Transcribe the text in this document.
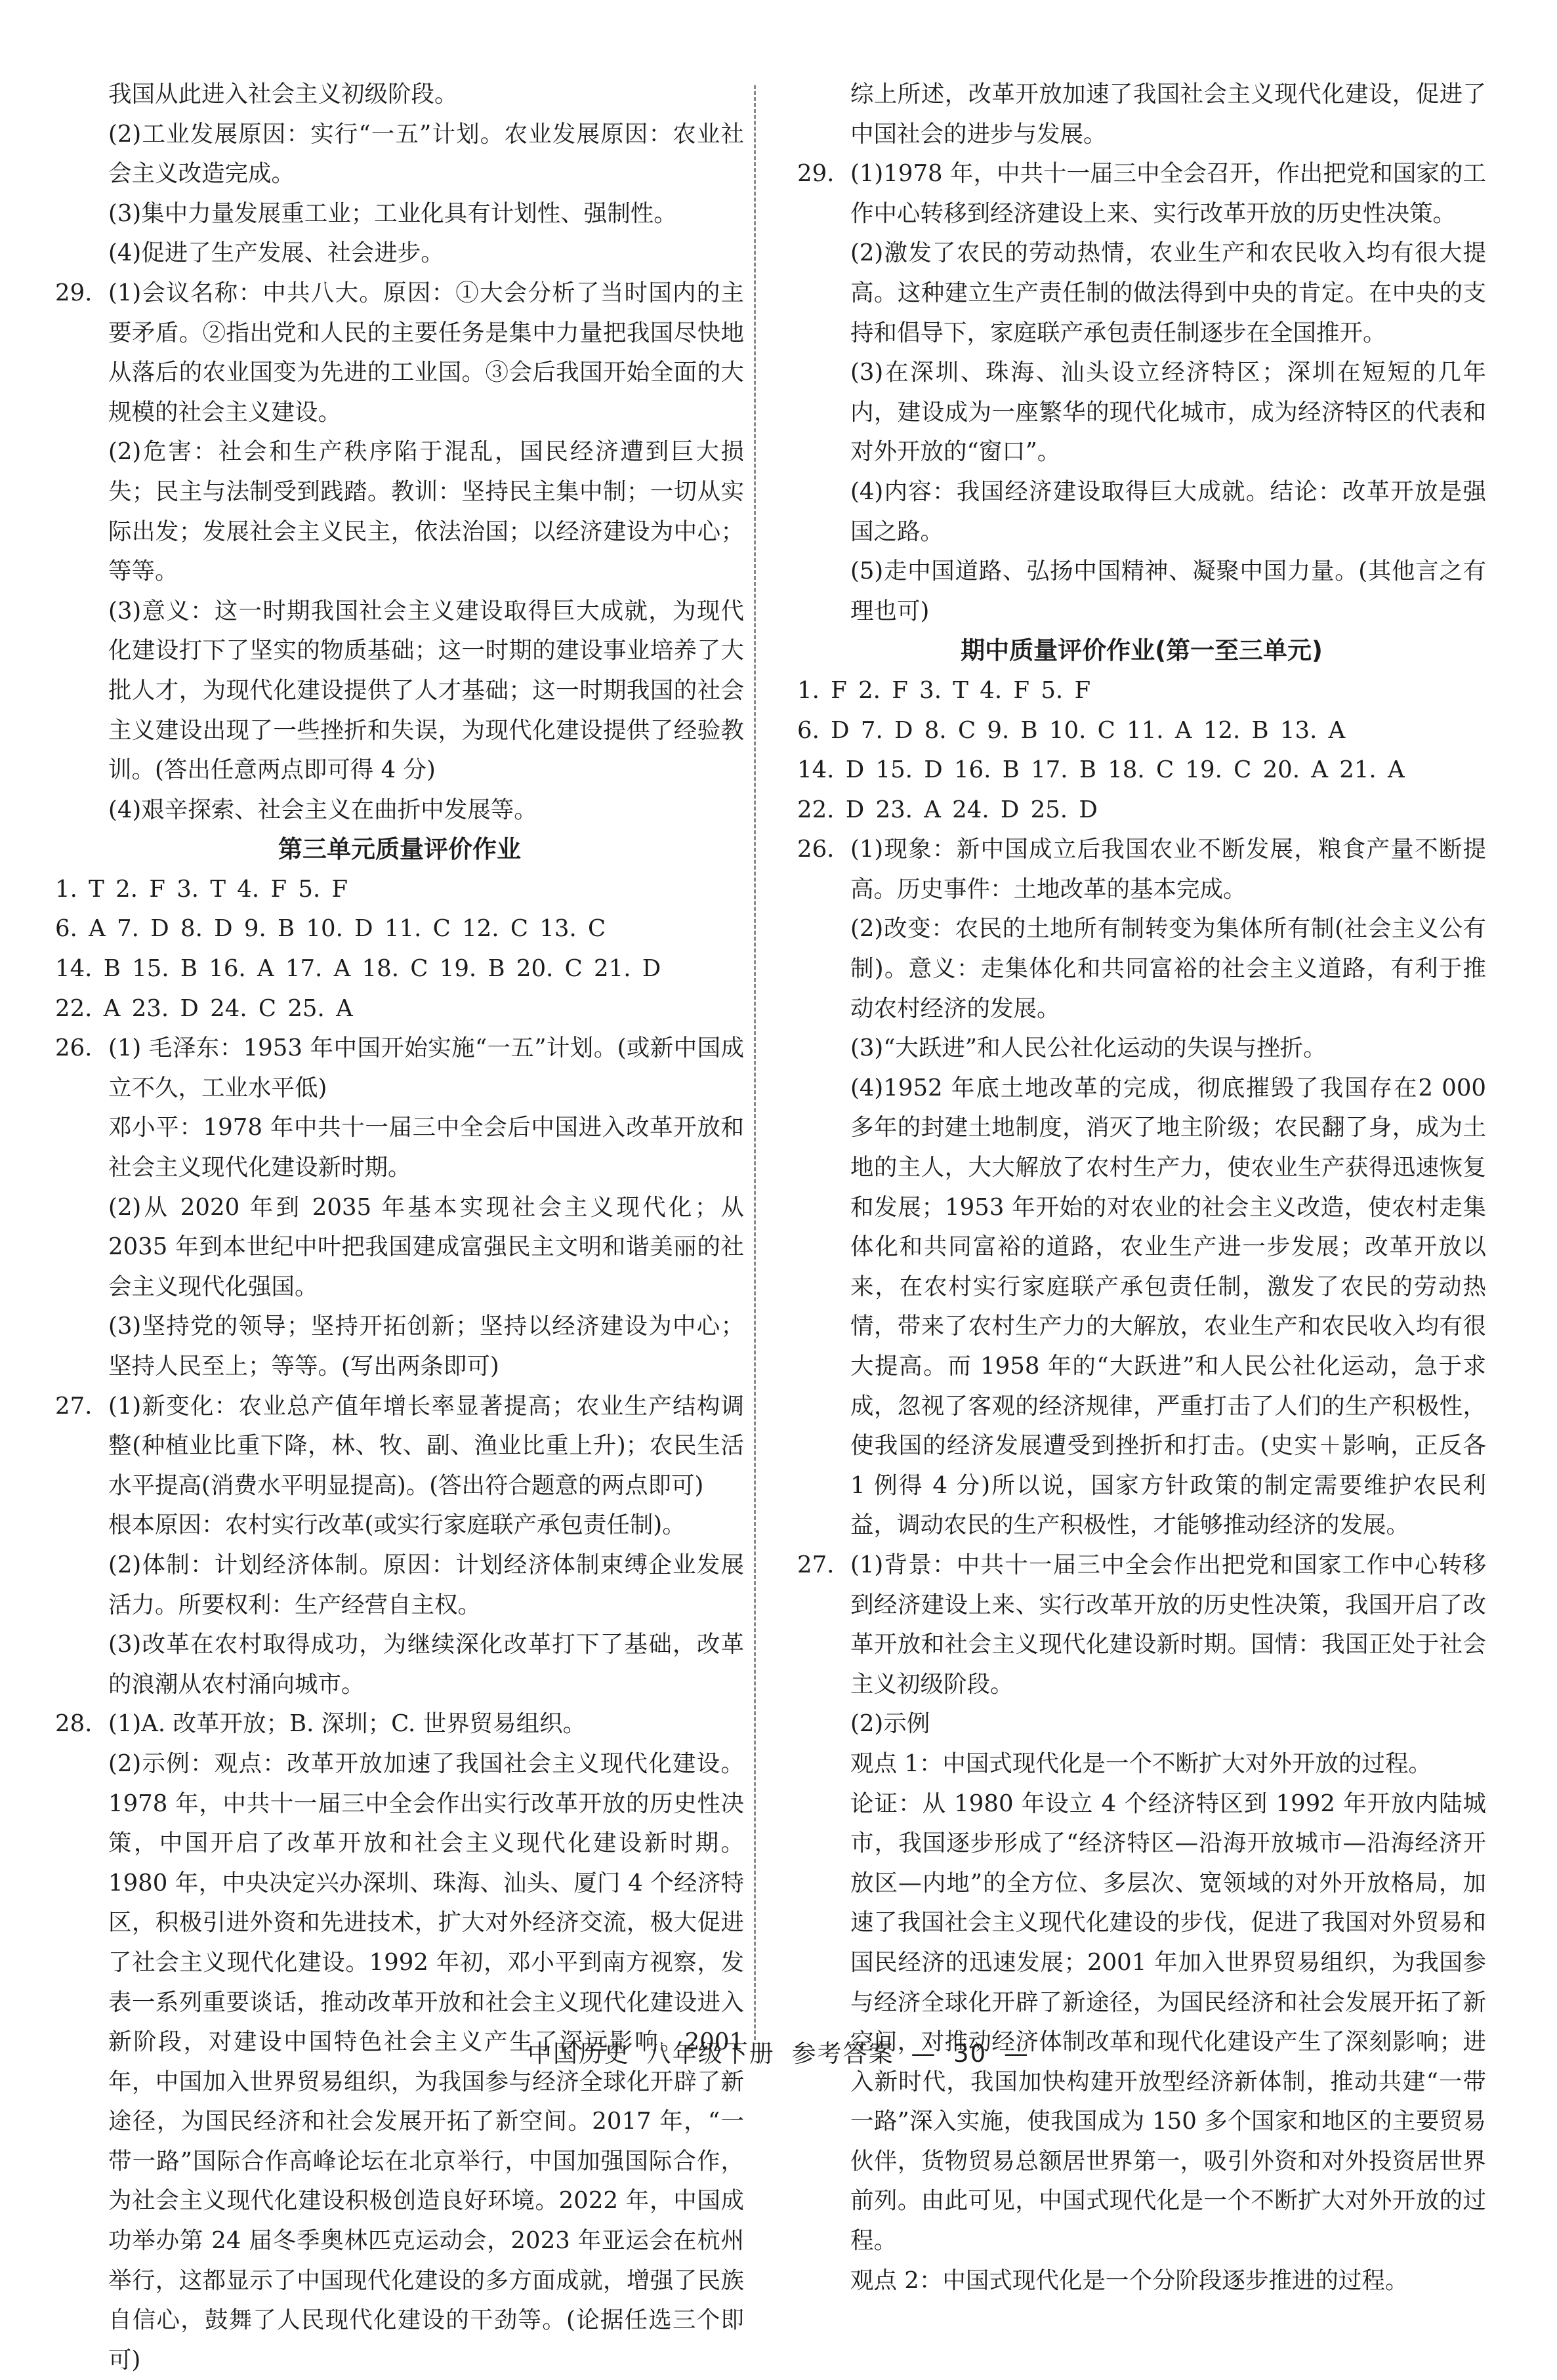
我国从此进入社会主义初级阶段。

(2)工业发展原因：实行“一五”计划。农业发展原因：农业社会主义改造完成。

(3)集中力量发展重工业；工业化具有计划性、强制性。

(4)促进了生产发展、社会进步。

29. (1)会议名称：中共八大。原因：①大会分析了当时国内的主要矛盾。②指出党和人民的主要任务是集中力量把我国尽快地从落后的农业国变为先进的工业国。③会后我国开始全面的大规模的社会主义建设。

(2)危害：社会和生产秩序陷于混乱，国民经济遭到巨大损失；民主与法制受到践踏。教训：坚持民主集中制；一切从实际出发；发展社会主义民主，依法治国；以经济建设为中心；等等。

(3)意义：这一时期我国社会主义建设取得巨大成就，为现代化建设打下了坚实的物质基础；这一时期的建设事业培养了大批人才，为现代化建设提供了人才基础；这一时期我国的社会主义建设出现了一些挫折和失误，为现代化建设提供了经验教训。(答出任意两点即可得 4 分)

(4)艰辛探索、社会主义在曲折中发展等。

第三单元质量评价作业

1. T 2. F 3. T 4. F 5. F

6. A 7. D 8. D 9. B 10. D 11. C 12. C 13. C

14. B 15. B 16. A 17. A 18. C 19. B 20. C 21. D

22. A 23. D 24. C 25. A

26. (1) 毛泽东：1953 年中国开始实施“一五”计划。(或新中国成立不久，工业水平低)

邓小平：1978 年中共十一届三中全会后中国进入改革开放和社会主义现代化建设新时期。

(2)从 2020 年到 2035 年基本实现社会主义现代化；从 2035 年到本世纪中叶把我国建成富强民主文明和谐美丽的社会主义现代化强国。

(3)坚持党的领导；坚持开拓创新；坚持以经济建设为中心；坚持人民至上；等等。(写出两条即可)

27. (1)新变化：农业总产值年增长率显著提高；农业生产结构调整(种植业比重下降，林、牧、副、渔业比重上升)；农民生活水平提高(消费水平明显提高)。(答出符合题意的两点即可)

根本原因：农村实行改革(或实行家庭联产承包责任制)。

(2)体制：计划经济体制。原因：计划经济体制束缚企业发展活力。所要权利：生产经营自主权。

(3)改革在农村取得成功，为继续深化改革打下了基础，改革的浪潮从农村涌向城市。

28. (1)A. 改革开放；B. 深圳；C. 世界贸易组织。

(2)示例：观点：改革开放加速了我国社会主义现代化建设。1978 年，中共十一届三中全会作出实行改革开放的历史性决策，中国开启了改革开放和社会主义现代化建设新时期。1980 年，中央决定兴办深圳、珠海、汕头、厦门 4 个经济特区，积极引进外资和先进技术，扩大对外经济交流，极大促进了社会主义现代化建设。1992 年初，邓小平到南方视察，发表一系列重要谈话，推动改革开放和社会主义现代化建设进入新阶段，对建设中国特色社会主义产生了深远影响。2001 年，中国加入世界贸易组织，为我国参与经济全球化开辟了新途径，为国民经济和社会发展开拓了新空间。2017 年，“一带一路”国际合作高峰论坛在北京举行，中国加强国际合作，为社会主义现代化建设积极创造良好环境。2022 年，中国成功举办第 24 届冬季奥林匹克运动会，2023 年亚运会在杭州举行，这都显示了中国现代化建设的多方面成就，增强了民族自信心，鼓舞了人民现代化建设的干劲等。(论据任选三个即可)

综上所述，改革开放加速了我国社会主义现代化建设，促进了中国社会的进步与发展。

29. (1)1978 年，中共十一届三中全会召开，作出把党和国家的工作中心转移到经济建设上来、实行改革开放的历史性决策。

(2)激发了农民的劳动热情，农业生产和农民收入均有很大提高。这种建立生产责任制的做法得到中央的肯定。在中央的支持和倡导下，家庭联产承包责任制逐步在全国推开。

(3)在深圳、珠海、汕头设立经济特区；深圳在短短的几年内，建设成为一座繁华的现代化城市，成为经济特区的代表和对外开放的“窗口”。

(4)内容：我国经济建设取得巨大成就。结论：改革开放是强国之路。

(5)走中国道路、弘扬中国精神、凝聚中国力量。(其他言之有理也可)

期中质量评价作业(第一至三单元)

1. F 2. F 3. T 4. F 5. F

6. D 7. D 8. C 9. B 10. C 11. A 12. B 13. A

14. D 15. D 16. B 17. B 18. C 19. C 20. A 21. A

22. D 23. A 24. D 25. D

26. (1)现象：新中国成立后我国农业不断发展，粮食产量不断提高。历史事件：土地改革的基本完成。

(2)改变：农民的土地所有制转变为集体所有制(社会主义公有制)。意义：走集体化和共同富裕的社会主义道路，有利于推动农村经济的发展。

(3)“大跃进”和人民公社化运动的失误与挫折。

(4)1952 年底土地改革的完成，彻底摧毁了我国存在2 000 多年的封建土地制度，消灭了地主阶级；农民翻了身，成为土地的主人，大大解放了农村生产力，使农业生产获得迅速恢复和发展；1953 年开始的对农业的社会主义改造，使农村走集体化和共同富裕的道路，农业生产进一步发展；改革开放以来，在农村实行家庭联产承包责任制，激发了农民的劳动热情，带来了农村生产力的大解放，农业生产和农民收入均有很大提高。而 1958 年的“大跃进”和人民公社化运动，急于求成，忽视了客观的经济规律，严重打击了人们的生产积极性，使我国的经济发展遭受到挫折和打击。(史实＋影响，正反各 1 例得 4 分)所以说，国家方针政策的制定需要维护农民利益，调动农民的生产积极性，才能够推动经济的发展。

27. (1)背景：中共十一届三中全会作出把党和国家工作中心转移到经济建设上来、实行改革开放的历史性决策，我国开启了改革开放和社会主义现代化建设新时期。国情：我国正处于社会主义初级阶段。

(2)示例

观点 1：中国式现代化是一个不断扩大对外开放的过程。

论证：从 1980 年设立 4 个经济特区到 1992 年开放内陆城市，我国逐步形成了“经济特区—沿海开放城市—沿海经济开放区—内地”的全方位、多层次、宽领域的对外开放格局，加速了我国社会主义现代化建设的步伐，促进了我国对外贸易和国民经济的迅速发展；2001 年加入世界贸易组织，为我国参与经济全球化开辟了新途径，为国民经济和社会发展开拓了新空间，对推动经济体制改革和现代化建设产生了深刻影响；进入新时代，我国加快构建开放型经济新体制，推动共建“一带一路”深入实施，使我国成为 150 多个国家和地区的主要贸易伙伴，货物贸易总额居世界第一，吸引外资和对外投资居世界前列。由此可见，中国式现代化是一个不断扩大对外开放的过程。

观点 2：中国式现代化是一个分阶段逐步推进的过程。

中国历史 八年级下册 参考答案 — 30 —
